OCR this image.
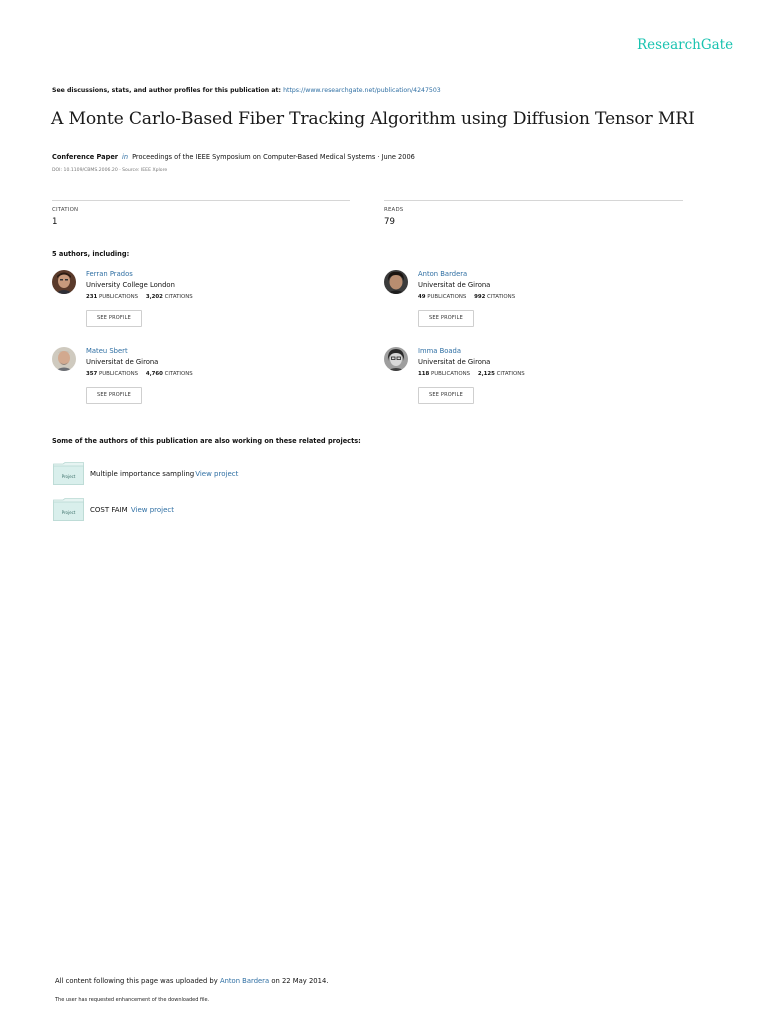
ResearchGate
See discussions, stats, and author profiles for this publication at: https://www.researchgate.net/publication/4247503
A Monte Carlo-Based Fiber Tracking Algorithm using Diffusion Tensor MRI
Conference Paper in Proceedings of the IEEE Symposium on Computer-Based Medical Systems · June 2006
DOI: 10.1109/CBMS.2006.20 · Source: IEEE Xplore
CITATION
1
READS
79
5 authors, including:
Ferran Prados
University College London
231 PUBLICATIONS 3,202 CITATIONS
SEE PROFILE
Anton Bardera
Universitat de Girona
49 PUBLICATIONS 992 CITATIONS
SEE PROFILE
Mateu Sbert
Universitat de Girona
357 PUBLICATIONS 4,760 CITATIONS
SEE PROFILE
Imma Boada
Universitat de Girona
118 PUBLICATIONS 2,125 CITATIONS
SEE PROFILE
Some of the authors of this publication are also working on these related projects:
Project Multiple importance samplingView project
Project COST FAIM View project
All content following this page was uploaded by Anton Bardera on 22 May 2014.
The user has requested enhancement of the downloaded file.
